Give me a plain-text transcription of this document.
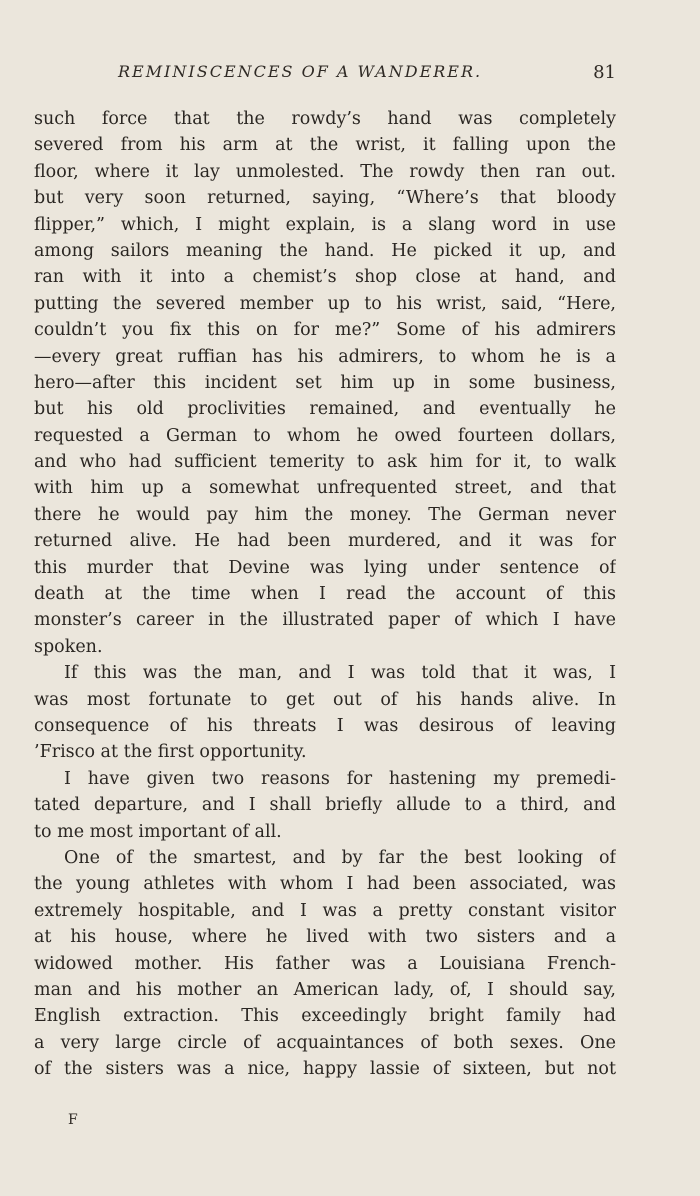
REMINISCENCES OF A WANDERER.	81
such force that the rowdy’s hand was completely
severed from his arm at the wrist, it falling upon the
floor, where it lay unmolested. The rowdy then ran out.
but very soon returned, saying, “Where’s that bloody
flipper,” which, I might explain, is a slang word in use
among sailors meaning the hand. He picked it up, and
ran with it into a chemist’s shop close at hand, and
putting the severed member up to his wrist, said, “Here,
couldn’t you fix this on for me?” Some of his admirers
—every great ruffian has his admirers, to whom he is a
hero—after this incident set him up in some business,
but his old proclivities remained, and eventually he
requested a German to whom he owed fourteen dollars,
and who had sufficient temerity to ask him for it, to walk
with him up a somewhat unfrequented street, and that
there he would pay him the money. The German never
returned alive. He had been murdered, and it was for
this murder that Devine was lying under sentence of
death at the time when I read the account of this
monster’s career in the illustrated paper of which I have
spoken.
If this was the man, and I was told that it was, I
was most fortunate to get out of his hands alive. In
consequence of his threats I was desirous of leaving
’Frisco at the first opportunity.
I have given two reasons for hastening my premedi-
tated departure, and I shall briefly allude to a third, and
to me most important of all.
One of the smartest, and by far the best looking of
the young athletes with whom I had been associated, was
extremely hospitable, and I was a pretty constant visitor
at his house, where he lived with two sisters and a
widowed mother. His father was a Louisiana French-
man and his mother an American lady, of, I should say,
English extraction. This exceedingly bright family had
a very large circle of acquaintances of both sexes. One
of the sisters was a nice, happy lassie of sixteen, but not
F
